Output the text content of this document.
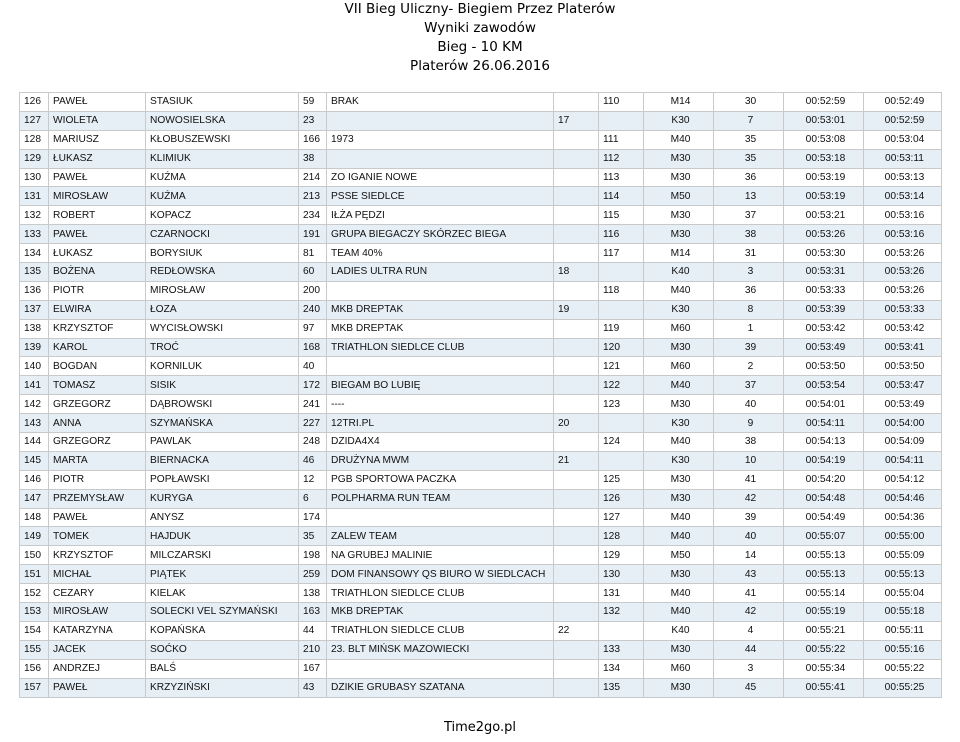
VII Bieg Uliczny- Biegiem Przez Platerów
Wyniki zawodów
Bieg - 10 KM
Platerów 26.06.2016
126	PAWEŁ	STASIUK	59	BRAK		110	M14	30	00:52:59	00:52:49
127	WIOLETA	NOWOSIELSKA	23		17		K30	7	00:53:01	00:52:59
128	MARIUSZ	KŁOBUSZEWSKI	166	1973		111	M40	35	00:53:08	00:53:04
129	ŁUKASZ	KLIMIUK	38			112	M30	35	00:53:18	00:53:11
130	PAWEŁ	KUŹMA	214	ZO IGANIE NOWE		113	M30	36	00:53:19	00:53:13
131	MIROSŁAW	KUŹMA	213	PSSE SIEDLCE		114	M50	13	00:53:19	00:53:14
132	ROBERT	KOPACZ	234	IŁŻA PĘDZI		115	M30	37	00:53:21	00:53:16
133	PAWEŁ	CZARNOCKI	191	GRUPA BIEGACZY SKÓRZEC BIEGA		116	M30	38	00:53:26	00:53:16
134	ŁUKASZ	BORYSIUK	81	TEAM 40%		117	M14	31	00:53:30	00:53:26
135	BOŻENA	REDŁOWSKA	60	LADIES ULTRA RUN	18		K40	3	00:53:31	00:53:26
136	PIOTR	MIROSŁAW	200			118	M40	36	00:53:33	00:53:26
137	ELWIRA	ŁOZA	240	MKB DREPTAK	19		K30	8	00:53:39	00:53:33
138	KRZYSZTOF	WYCISŁOWSKI	97	MKB DREPTAK		119	M60	1	00:53:42	00:53:42
139	KAROL	TROĆ	168	TRIATHLON SIEDLCE CLUB		120	M30	39	00:53:49	00:53:41
140	BOGDAN	KORNILUK	40			121	M60	2	00:53:50	00:53:50
141	TOMASZ	SISIK	172	BIEGAM BO LUBIĘ		122	M40	37	00:53:54	00:53:47
142	GRZEGORZ	DĄBROWSKI	241	----		123	M30	40	00:54:01	00:53:49
143	ANNA	SZYMAŃSKA	227	12TRI.PL	20		K30	9	00:54:11	00:54:00
144	GRZEGORZ	PAWLAK	248	DZIDA4X4		124	M40	38	00:54:13	00:54:09
145	MARTA	BIERNACKA	46	DRUŻYNA MWM	21		K30	10	00:54:19	00:54:11
146	PIOTR	POPŁAWSKI	12	PGB SPORTOWA PACZKA		125	M30	41	00:54:20	00:54:12
147	PRZEMYSŁAW	KURYGA	6	POLPHARMA RUN TEAM		126	M30	42	00:54:48	00:54:46
148	PAWEŁ	ANYSZ	174			127	M40	39	00:54:49	00:54:36
149	TOMEK	HAJDUK	35	ZALEW TEAM		128	M40	40	00:55:07	00:55:00
150	KRZYSZTOF	MILCZARSKI	198	NA GRUBEJ MALINIE		129	M50	14	00:55:13	00:55:09
151	MICHAŁ	PIĄTEK	259	DOM FINANSOWY QS BIURO W SIEDLCACH		130	M30	43	00:55:13	00:55:13
152	CEZARY	KIELAK	138	TRIATHLON SIEDLCE CLUB		131	M40	41	00:55:14	00:55:04
153	MIROSŁAW	SOLECKI VEL SZYMAŃSKI	163	MKB DREPTAK		132	M40	42	00:55:19	00:55:18
154	KATARZYNA	KOPAŃSKA	44	TRIATHLON SIEDLCE CLUB	22		K40	4	00:55:21	00:55:11
155	JACEK	SOĆKO	210	23. BLT MIŃSK MAZOWIECKI		133	M30	44	00:55:22	00:55:16
156	ANDRZEJ	BALŚ	167			134	M60	3	00:55:34	00:55:22
157	PAWEŁ	KRZYZIŃSKI	43	DZIKIE GRUBASY SZATANA		135	M30	45	00:55:41	00:55:25
Time2go.pl
